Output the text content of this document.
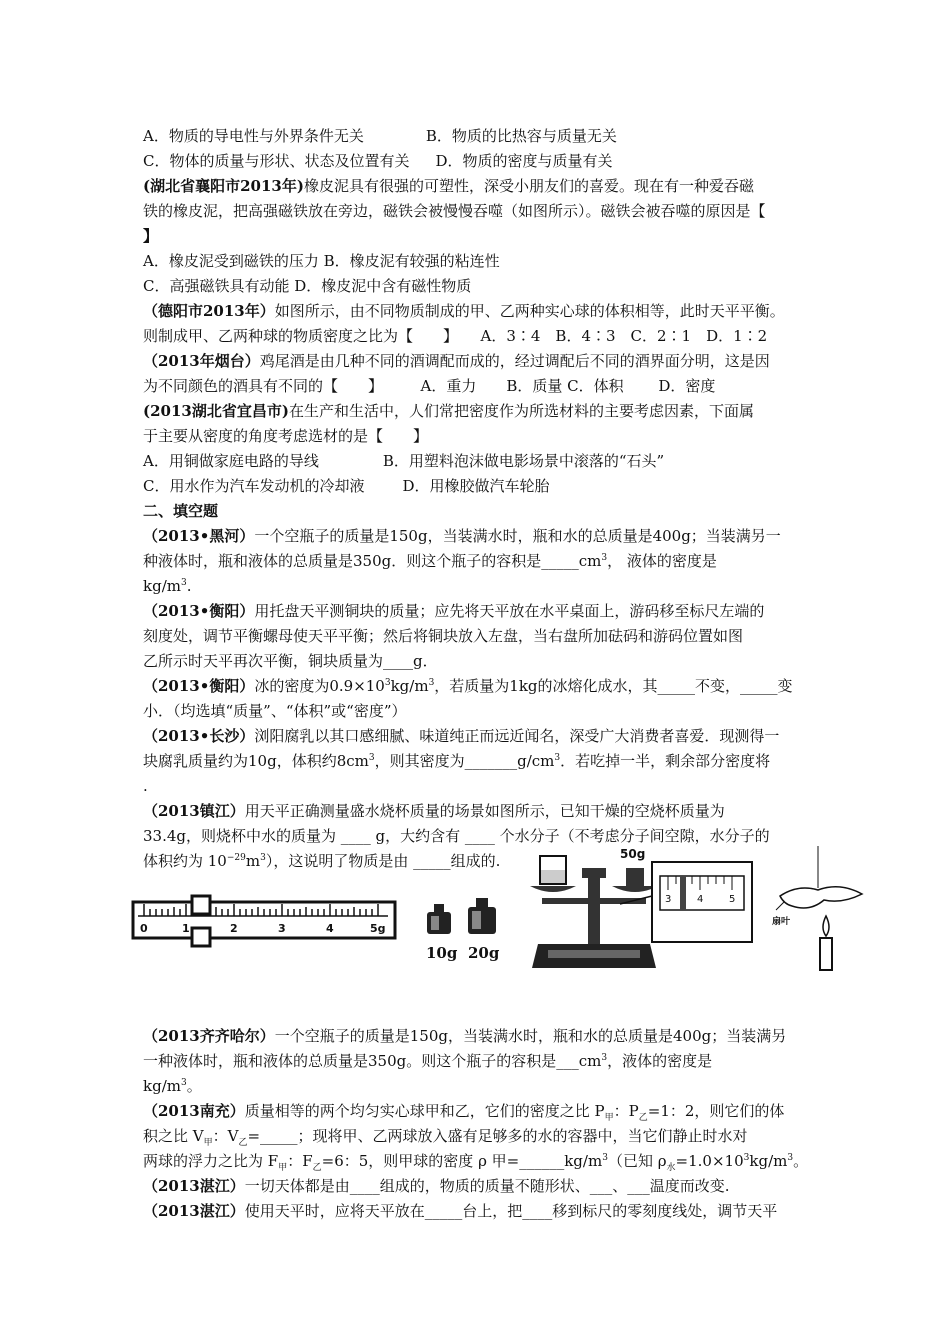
A．物质的导电性与外界条件无关	B．物质的比热容与质量无关
C．物体的质量与形状、状态及位置有关 D．物质的密度与质量有关
(湖北省襄阳市2013年)橡皮泥具有很强的可塑性，深受小朋友们的喜爱。现在有一种爱吞磁
铁的橡皮泥，把高强磁铁放在旁边，磁铁会被慢慢吞噬（如图所示）。磁铁会被吞噬的原因是【
】
A．橡皮泥受到磁铁的压力 B．橡皮泥有较强的粘连性
C．高强磁铁具有动能 D．橡皮泥中含有磁性物质
（德阳市2013年）如图所示，由不同物质制成的甲、乙两种实心球的体积相等，此时天平平衡。
则制成甲、乙两种球的物质密度之比为【　　】　　A．3∶4　B．4∶3　C．2∶1　D．1∶2
（2013年烟台）鸡尾酒是由几种不同的酒调配而成的，经过调配后不同的酒界面分明，这是因
为不同颜色的酒具有不同的【　　】　　　A．重力　　B．质量 C．体积　　 D．密度
(2013湖北省宜昌市)在生产和生活中，人们常把密度作为所选材料的主要考虑因素，下面属
于主要从密度的角度考虑选材的是【　　】
A．用铜做家庭电路的导线	B．用塑料泡沫做电影场景中滚落的“石头”
C．用水作为汽车发动机的冷却液	D．用橡胶做汽车轮胎
二、填空题
（2013•黑河）一个空瓶子的质量是150g，当装满水时，瓶和水的总质量是400g；当装满另一
种液体时，瓶和液体的总质量是350g．则这个瓶子的容积是$\_\_\_\_\_cm^3$， 液体的密度是
$kg/m^3$.
（2013•衡阳）用托盘天平测铜块的质量；应先将天平放在水平桌面上，游码移至标尺左端的
刻度处，调节平衡螺母使天平平衡；然后将铜块放入左盘，当右盘所加砝码和游码位置如图
乙所示时天平再次平衡，铜块质量为____g．
（2013•衡阳）冰的密度为$0.9\times 10^3kg/m^3$，若质量为1kg的冰熔化成水，其_____不变，_____变
小．（均选填“质量”、“体积”或“密度”）
（2013•长沙）浏阳腐乳以其口感细腻、味道纯正而远近闻名，深受广大消费者喜爱．现测得一
块腐乳质量约为10g，体积约$8cm^3$，则其密度为$\_\_\_\_\_\_\_g/cm^3$．若吃掉一半，剩余部分密度将
.
（2013镇江）用天平正确测量盛水烧杯质量的场景如图所示，已知干燥的空烧杯质量为
33.4g，则烧杯中水的质量为 ____ g，大约含有 ____ 个水分子（不考虑分子间空隙，水分子的
体积约为 $10^{-29}m^3$），这说明了物质是由 _____组成的.
0	1	2	3	4	5g
10g 20g
50g
3	4	5
扇叶
（2013齐齐哈尔）一个空瓶子的质量是150g，当装满水时，瓶和水的总质量是400g；当装满另
一种液体时，瓶和液体的总质量是350g。则这个瓶子的容积是$\_\_\_cm^3$，液体的密度是
$kg/m^3$。
（2013南充）质量相等的两个均匀实心球甲和乙，它们的密度之比 $P_甲$：$P_乙=1$：2，则它们的体
积之比 $V_甲$：$V_乙=\_\_\_\_\_$；现将甲、乙两球放入盛有足够多的水的容器中，当它们静止时水对
两球的浮力之比为 $F_甲$：$F_乙=6$：5，则甲球的密度 ρ 甲$=\_\_\_\_\_\_kg/m^3$（已知 $\rho_水=1.0\times 10^3kg/m^3$。
（2013湛江）一切天体都是由____组成的，物质的质量不随形状、___、___温度而改变.
（2013湛江）使用天平时，应将天平放在_____台上，把____移到标尺的零刻度线处，调节天平
